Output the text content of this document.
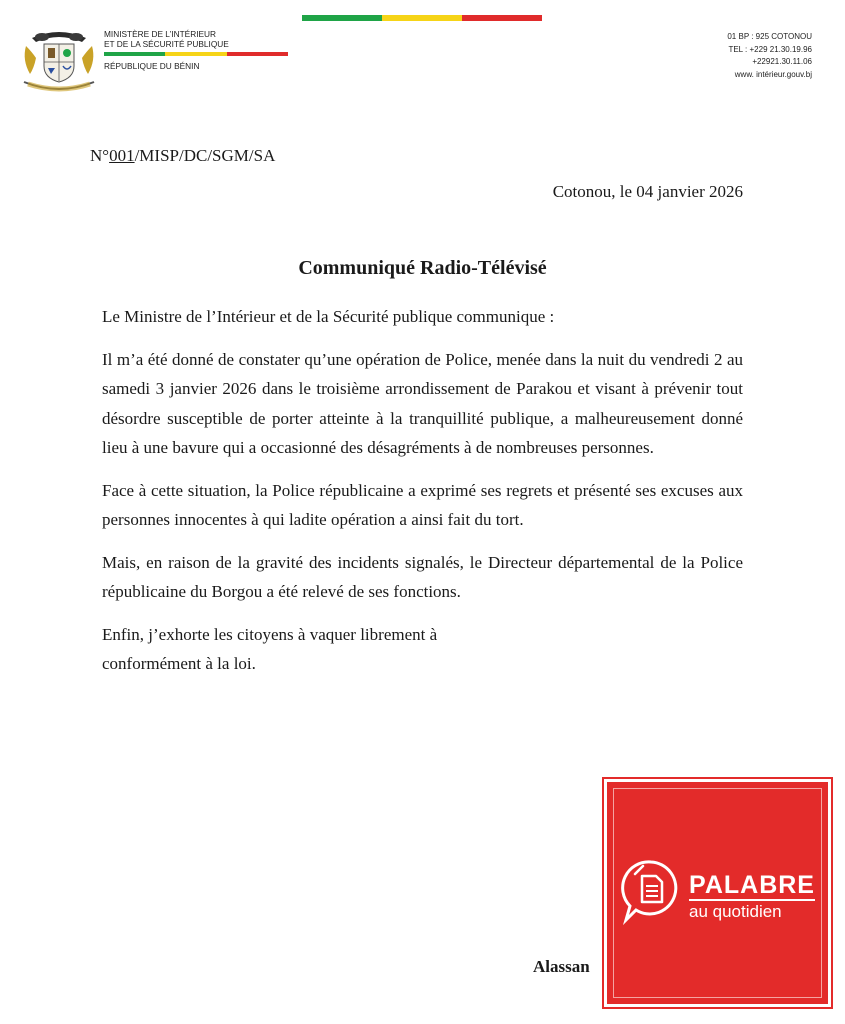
MINISTÈRE DE L’INTÉRIEUR
ET DE LA SÉCURITÉ PUBLIQUE
RÉPUBLIQUE DU BÉNIN
01 BP : 925 COTONOU
TEL : +229 21.30.19.96
+22921.30.11.06
www. intérieur.gouv.bj
N°001/MISP/DC/SGM/SA
Cotonou, le 04 janvier 2026
Communiqué Radio-Télévisé

Le Ministre de l’Intérieur et de la Sécurité publique communique :

Il m’a été donné de constater qu’une opération de Police, menée dans la nuit du vendredi 2 au samedi 3 janvier 2026 dans le troisième arrondissement de Parakou et visant à prévenir tout désordre susceptible de porter atteinte à la tranquillité publique, a malheureusement donné lieu à une bavure qui a occasionné des désagréments à de nombreuses personnes.

Face à cette situation, la Police républicaine a exprimé ses regrets et présenté ses excuses aux personnes innocentes à qui ladite opération a ainsi fait du tort.

Mais, en raison de la gravité des incidents signalés, le Directeur départemental de la Police républicaine du Borgou a été relevé de ses fonctions.

Enfin, j’exhorte les citoyens à vaquer librement à

conformément à la loi.

Alassan
PALABRE
au quotidien
